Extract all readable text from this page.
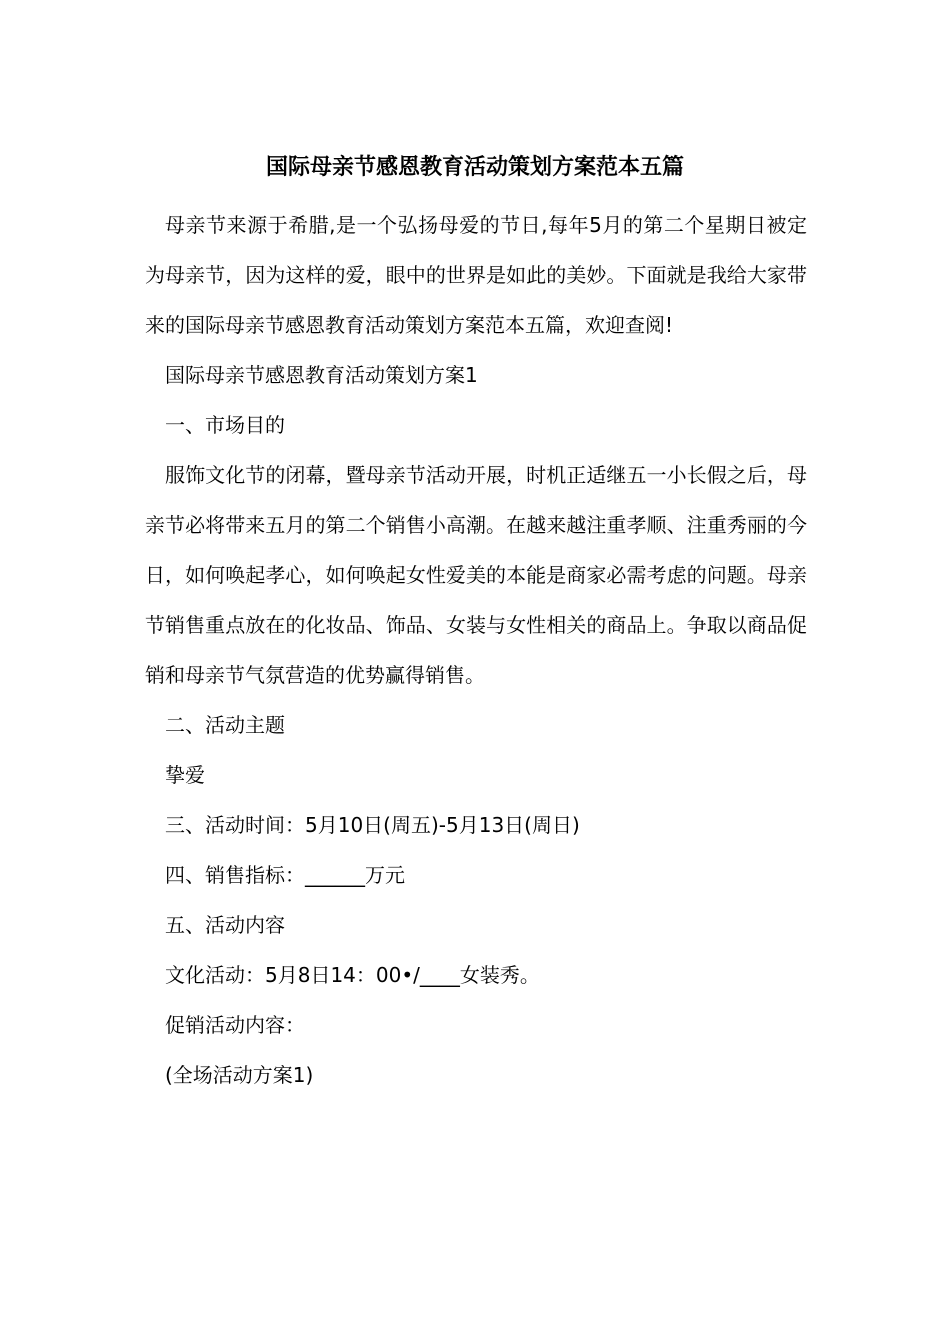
国际母亲节感恩教育活动策划方案范本五篇

母亲节来源于希腊,是一个弘扬母爱的节日,每年5月的第二个星期日被定为母亲节，因为这样的爱，眼中的世界是如此的美妙。下面就是我给大家带来的国际母亲节感恩教育活动策划方案范本五篇，欢迎查阅!

国际母亲节感恩教育活动策划方案1

一、市场目的

服饰文化节的闭幕，暨母亲节活动开展，时机正适继五一小长假之后，母亲节必将带来五月的第二个销售小高潮。在越来越注重孝顺、注重秀丽的今日，如何唤起孝心，如何唤起女性爱美的本能是商家必需考虑的问题。母亲节销售重点放在的化妆品、饰品、女装与女性相关的商品上。争取以商品促销和母亲节气氛营造的优势赢得销售。

二、活动主题

挚爱

三、活动时间：5月10日(周五)-5月13日(周日)

四、销售指标：______万元

五、活动内容

文化活动：5月8日14：00•/____女装秀。

促销活动内容：

(全场活动方案1)
